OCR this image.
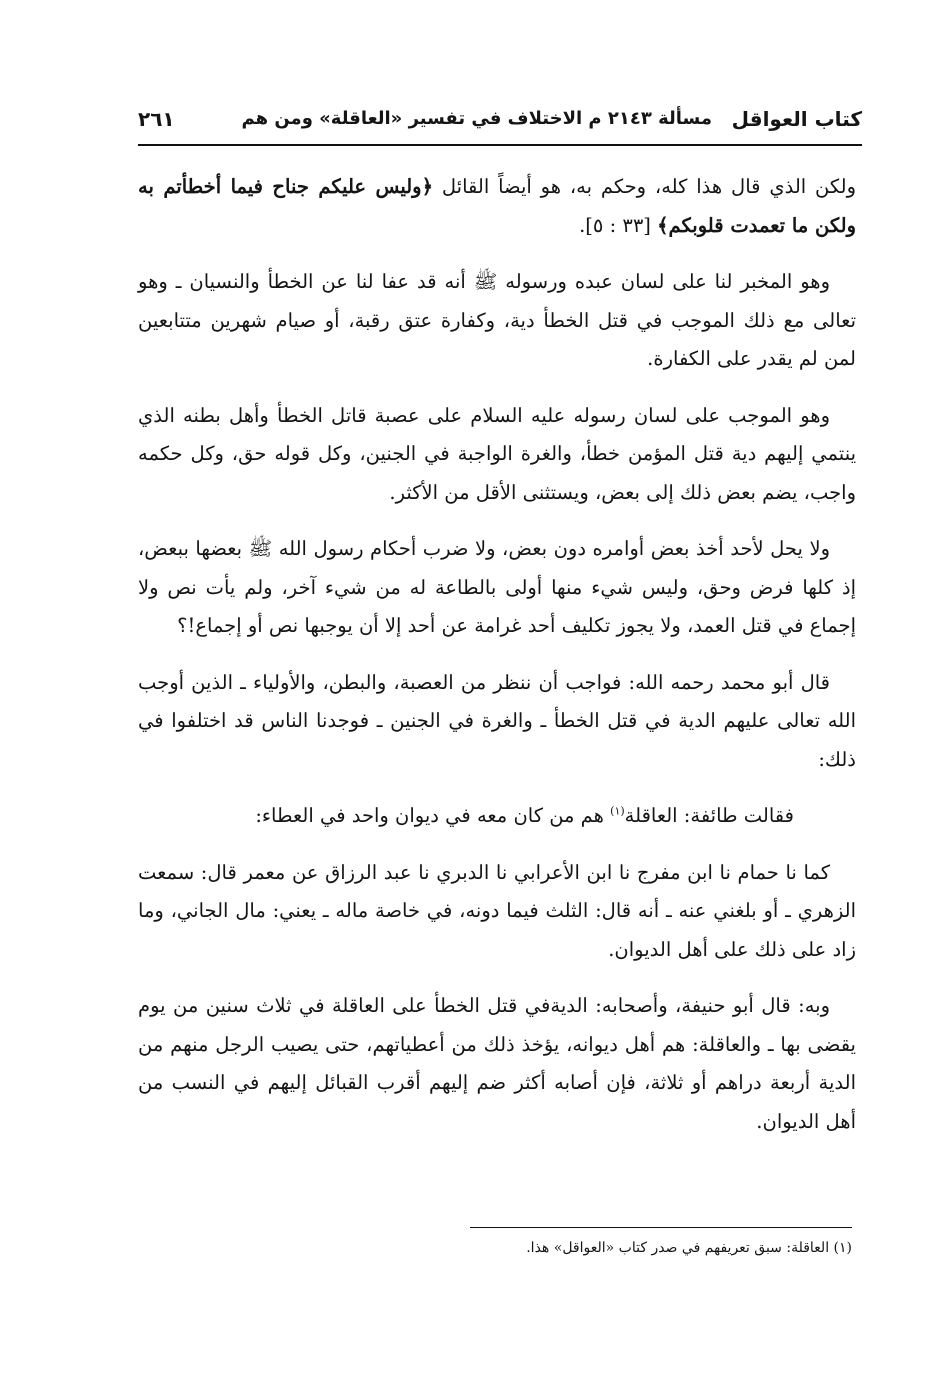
كتاب العواقل
مسألة ٢١٤٣ م الاختلاف في تفسير «العاقلة» ومن هم
٢٦١

ولكن الذي قال هذا كله، وحكم به، هو أيضاً القائل ﴿وليس عليكم جناح فيما أخطأتم به ولكن ما تعمدت قلوبكم﴾ [٣٣ : ٥].

وهو المخبر لنا على لسان عبده ورسوله ﷺ أنه قد عفا لنا عن الخطأ والنسيان ـ وهو تعالى مع ذلك الموجب في قتل الخطأ دية، وكفارة عتق رقبة، أو صيام شهرين متتابعين لمن لم يقدر على الكفارة.

وهو الموجب على لسان رسوله عليه السلام على عصبة قاتل الخطأ وأهل بطنه الذي ينتمي إليهم دية قتل المؤمن خطأ، والغرة الواجبة في الجنين، وكل قوله حق، وكل حكمه واجب، يضم بعض ذلك إلى بعض، ويستثنى الأقل من الأكثر.

ولا يحل لأحد أخذ بعض أوامره دون بعض، ولا ضرب أحكام رسول الله ﷺ بعضها ببعض، إذ كلها فرض وحق، وليس شيء منها أولى بالطاعة له من شيء آخر، ولم يأت نص ولا إجماع في قتل العمد، ولا يجوز تكليف أحد غرامة عن أحد إلا أن يوجبها نص أو إجماع!؟

قال أبو محمد رحمه الله: فواجب أن ننظر من العصبة، والبطن، والأولياء ـ الذين أوجب الله تعالى عليهم الدية في قتل الخطأ ـ والغرة في الجنين ـ فوجدنا الناس قد اختلفوا في ذلك:

فقالت طائفة: العاقلة$^{(١)}$ هم من كان معه في ديوان واحد في العطاء:

كما نا حمام نا ابن مفرج نا ابن الأعرابي نا الدبري نا عبد الرزاق عن معمر قال: سمعت الزهري ـ أو بلغني عنه ـ أنه قال: الثلث فيما دونه، في خاصة ماله ـ يعني: مال الجاني، وما زاد على ذلك على أهل الديوان.

وبه: قال أبو حنيفة، وأصحابه: الديةفي قتل الخطأ على العاقلة في ثلاث سنين من يوم يقضى بها ـ والعاقلة: هم أهل ديوانه، يؤخذ ذلك من أعطياتهم، حتى يصيب الرجل منهم من الدية أربعة دراهم أو ثلاثة، فإن أصابه أكثر ضم إليهم أقرب القبائل إليهم في النسب من أهل الديوان.

(١) العاقلة: سبق تعريفهم في صدر كتاب «العواقل» هذا.
